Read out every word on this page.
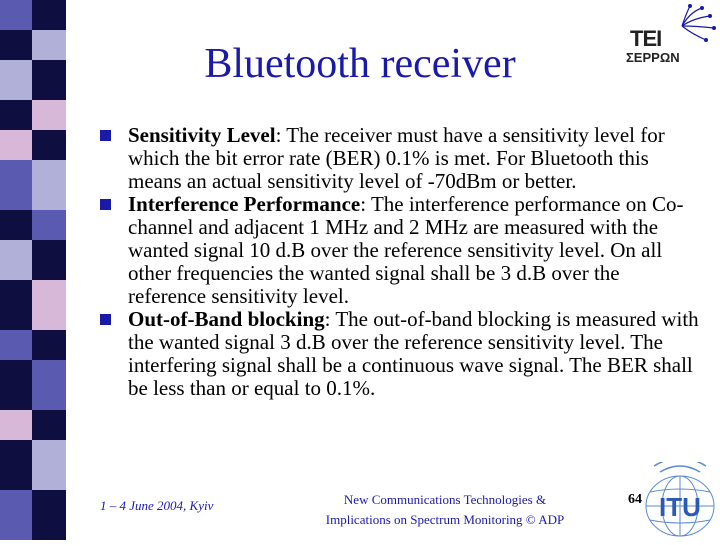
Bluetooth receiver
TEI
ΣΕΡΡΩΝ

Sensitivity Level: The receiver must have a sensitivity level for which the bit error rate (BER) 0.1% is met. For Bluetooth this means an actual sensitivity level of -70dBm or better.

Interference Performance: The interference performance on Co-channel and adjacent 1 MHz and 2 MHz are measured with the wanted signal 10 d.B over the reference sensitivity level. On all other frequencies the wanted signal shall be 3 d.B over the reference sensitivity level.

Out-of-Band blocking: The out-of-band blocking is measured with the wanted signal 3 d.B over the reference sensitivity level. The interfering signal shall be a continuous wave signal. The BER shall be less than or equal to 0.1%.

1 – 4 June 2004, Kyiv	New Communications Technologies &
Implications on Spectrum Monitoring © ADP
64 ITU
